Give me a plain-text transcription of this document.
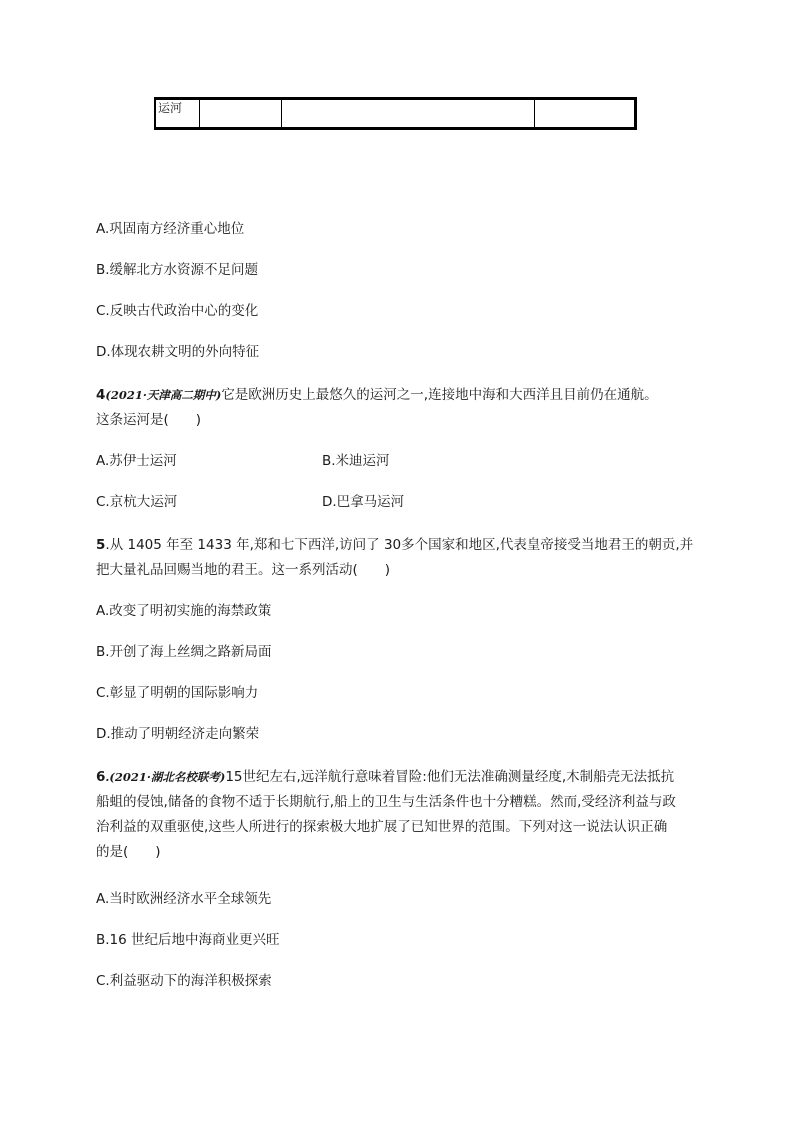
运河			
A.巩固南方经济重心地位
B.缓解北方水资源不足问题
C.反映古代政治中心的变化
D.体现农耕文明的外向特征
4(2021·天津高二期中)它是欧洲历史上最悠久的运河之一,连接地中海和大西洋且目前仍在通航。
这条运河是(　　)
A.苏伊士运河	B.米迪运河
C.京杭大运河	D.巴拿马运河
5.从 1405 年至 1433 年,郑和七下西洋,访问了 30多个国家和地区,代表皇帝接受当地君王的朝贡,并
把大量礼品回赐当地的君王。这一系列活动(　　)
A.改变了明初实施的海禁政策
B.开创了海上丝绸之路新局面
C.彰显了明朝的国际影响力
D.推动了明朝经济走向繁荣
6.(2021·湖北名校联考)15世纪左右,远洋航行意味着冒险:他们无法准确测量经度,木制船壳无法抵抗
船蛆的侵蚀,储备的食物不适于长期航行,船上的卫生与生活条件也十分糟糕。然而,受经济利益与政
治利益的双重驱使,这些人所进行的探索极大地扩展了已知世界的范围。下列对这一说法认识正确
的是(　　)
A.当时欧洲经济水平全球领先
B.16 世纪后地中海商业更兴旺
C.利益驱动下的海洋积极探索
